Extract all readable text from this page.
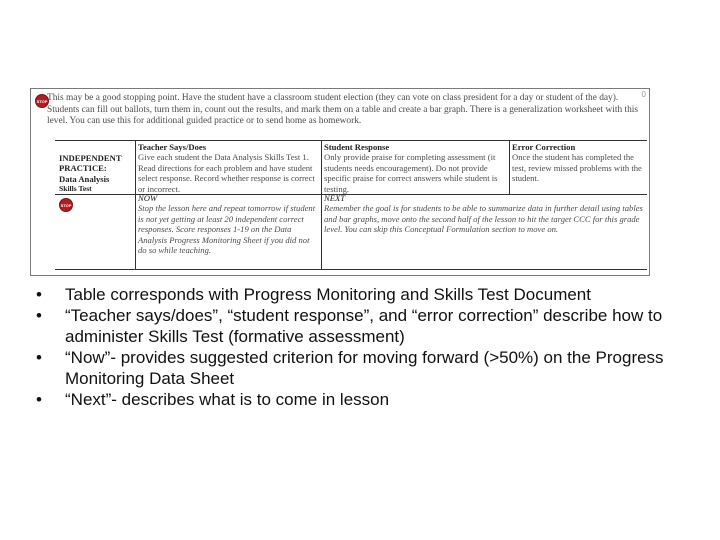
0
STOP This may be a good stopping point. Have the student have a classroom student election (they can vote on class president for a day or student of the day). Students can fill out ballots, turn them in, count out the results, and mark them on a table and create a bar graph. There is a generalization worksheet with this level. You can use this for additional guided practice or to send home as homework.
INDEPENDENT
PRACTICE:
Data Analysis
Skills Test
Teacher Says/Does
Give each student the Data Analysis Skills Test 1. Read directions for each problem and have student select response. Record whether response is correct or incorrect.
Student Response
Only provide praise for completing assessment (it students needs encouragement). Do not provide specific praise for correct answers while student is testing.
Error Correction
Once the student has completed the test, review missed problems with the student.
STOP
NOW
Stop the lesson here and repeat tomorrow if student is not yet getting at least 20 independent correct responses. Score responses 1-19 on the Data Analysis Progress Monitoring Sheet if you did not do so while teaching.
NEXT
Remember the goal is for students to be able to summarize data in further detail using tables and bar graphs, move onto the second half of the lesson to hit the target CCC for this grade level. You can skip this Conceptual Formulation section to move on.
• Table corresponds with Progress Monitoring and Skills Test Document
• “Teacher says/does”, “student response”, and “error correction” describe how to administer Skills Test (formative assessment)
• “Now”- provides suggested criterion for moving forward (>50%) on the Progress Monitoring Data Sheet
• “Next”- describes what is to come in lesson
